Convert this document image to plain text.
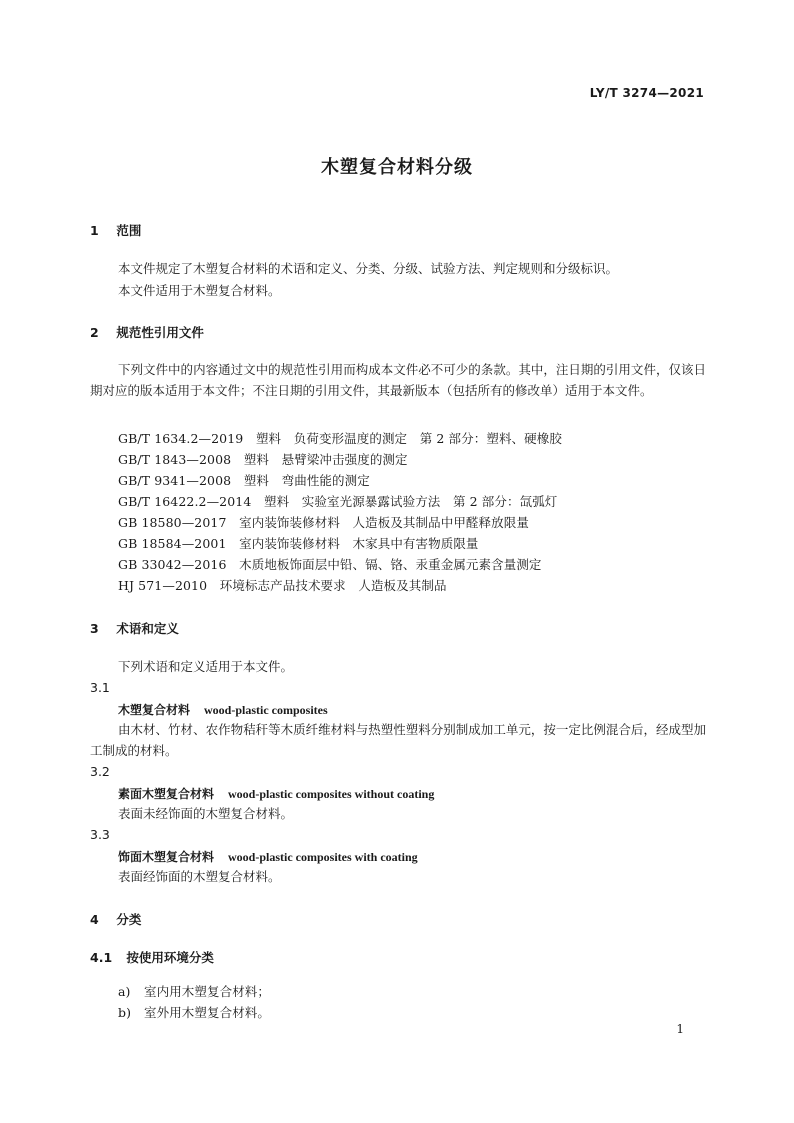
LY/T 3274—2021
木塑复合材料分级
1 范围
本文件规定了木塑复合材料的术语和定义、分类、分级、试验方法、判定规则和分级标识。
本文件适用于木塑复合材料。
2 规范性引用文件
下列文件中的内容通过文中的规范性引用而构成本文件必不可少的条款。其中，注日期的引用文件，仅该日期对应的版本适用于本文件；不注日期的引用文件，其最新版本（包括所有的修改单）适用于本文件。
GB/T 1634.2—2019　塑料　负荷变形温度的测定　第 2 部分：塑料、硬橡胶
GB/T 1843—2008　塑料　悬臂梁冲击强度的测定
GB/T 9341—2008　塑料　弯曲性能的测定
GB/T 16422.2—2014　塑料　实验室光源暴露试验方法　第 2 部分：氙弧灯
GB 18580—2017　室内装饰装修材料　人造板及其制品中甲醛释放限量
GB 18584—2001　室内装饰装修材料　木家具中有害物质限量
GB 33042—2016　木质地板饰面层中铅、镉、铬、汞重金属元素含量测定
HJ 571—2010　环境标志产品技术要求　人造板及其制品
3 术语和定义
下列术语和定义适用于本文件。
3.1
木塑复合材料 wood-plastic composites
由木材、竹材、农作物秸秆等木质纤维材料与热塑性塑料分别制成加工单元，按一定比例混合后，经成型加工制成的材料。
3.2
素面木塑复合材料 wood-plastic composites without coating
表面未经饰面的木塑复合材料。
3.3
饰面木塑复合材料 wood-plastic composites with coating
表面经饰面的木塑复合材料。
4 分类
4.1 按使用环境分类
a) 室内用木塑复合材料；
b) 室外用木塑复合材料。
1
